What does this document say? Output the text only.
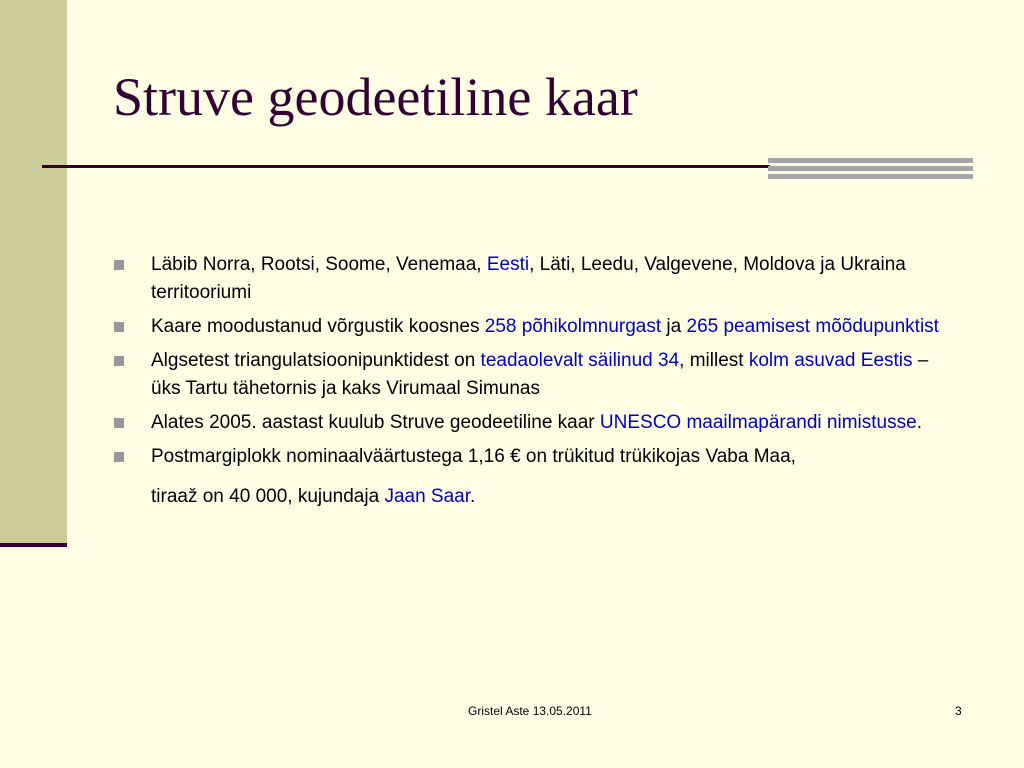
Struve geodeetiline kaar
Läbib Norra, Rootsi, Soome, Venemaa, Eesti, Läti, Leedu, Valgevene, Moldova ja Ukraina territooriumi
Kaare moodustanud võrgustik koosnes 258 põhikolmnurgast ja 265 peamisest mõõdupunktist
Algsetest triangulatsioonipunktidest on teadaolevalt säilinud 34, millest kolm asuvad Eestis – üks Tartu tähetornis ja kaks Virumaal Simunas
Alates 2005. aastast kuulub Struve geodeetiline kaar UNESCO maailmapärandi nimistusse.
Postmargiplokk nominaalväärtustega 1,16 € on trükitud trükikojas Vaba Maa,
tiraaž on 40 000, kujundaja Jaan Saar.
Gristel Aste 13.05.2011	3
